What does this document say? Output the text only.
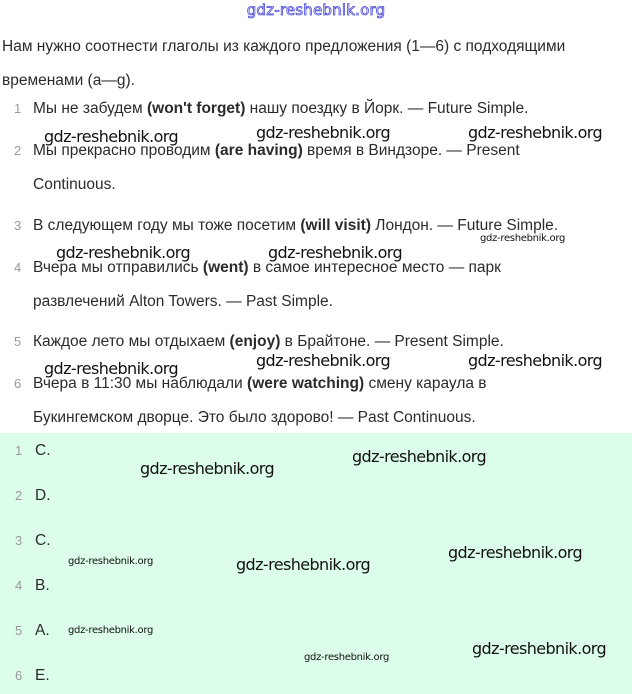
gdz-reshebnik.org
Нам нужно соотнести глаголы из каждого предложения (1—6) с подходящими временами (a—g).
1 Мы не забудем (won't forget) нашу поездку в Йорк. — Future Simple.
2 Мы прекрасно проводим (are having) время в Виндзоре. — Present Continuous.
3 В следующем году мы тоже посетим (will visit) Лондон. — Future Simple.
4 Вчера мы отправились (went) в самое интересное место — парк развлечений Alton Towers. — Past Simple.
5 Каждое лето мы отдыхаем (enjoy) в Брайтоне. — Present Simple.
6 Вчера в 11:30 мы наблюдали (were watching) смену караула в Букингемском дворце. Это было здорово! — Past Continuous.
1 C.
2 D.
3 C.
4 B.
5 A.
6 E.
gdz-reshebnik.org	gdz-reshebnik.org	gdz-reshebnik.org
gdz-reshebnik.org
gdz-reshebnik.org	gdz-reshebnik.org
gdz-reshebnik.org	gdz-reshebnik.org	gdz-reshebnik.org
gdz-reshebnik.org
gdz-reshebnik.org
gdz-reshebnik.org
gdz-reshebnik.org	gdz-reshebnik.org
gdz-reshebnik.org
gdz-reshebnik.org
gdz-reshebnik.org
